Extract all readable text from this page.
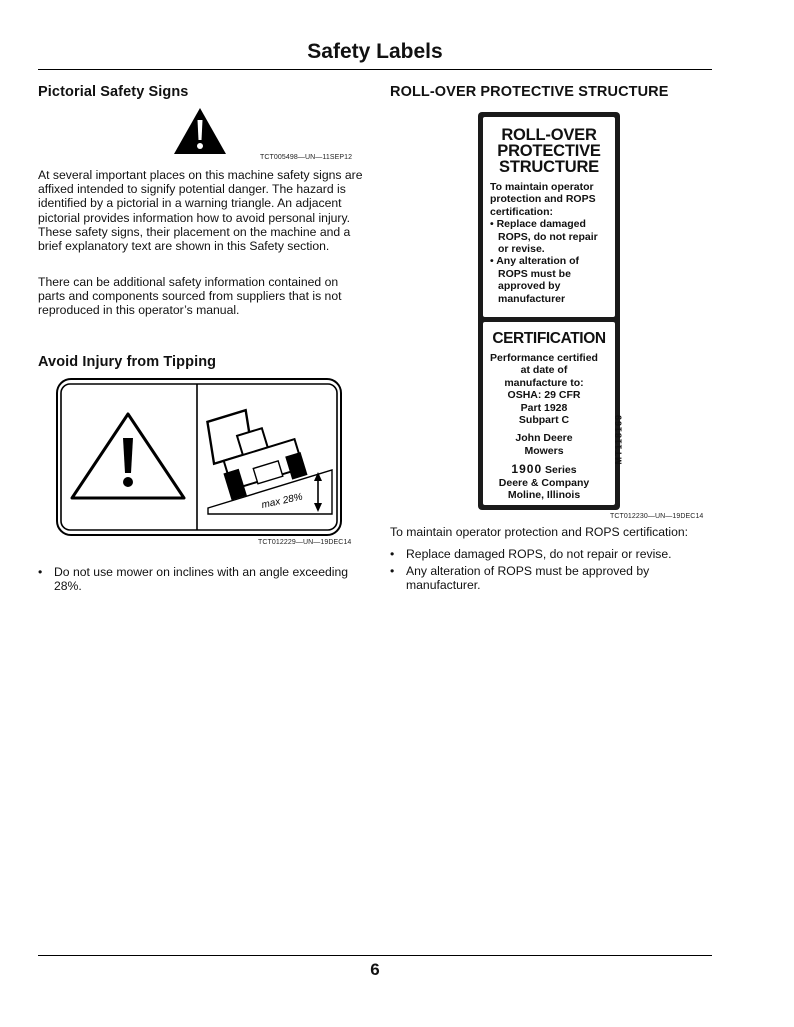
Safety Labels
Pictorial Safety Signs
TCT005498—UN—11SEP12

At several important places on this machine safety signs are affixed intended to signify potential danger. The hazard is identified by a pictorial in a warning triangle. An adjacent pictorial provides information how to avoid personal injury. These safety signs, their placement on the machine and a brief explanatory text are shown in this Safety section.

There can be additional safety information contained on parts and components sourced from suppliers that is not reproduced in this operator’s manual.

Avoid Injury from Tipping
max 28%
TCT012229—UN—19DEC14
• Do not use mower on inclines with an angle exceeding 28%.
ROLL-OVER PROTECTIVE STRUCTURE
ROLL-OVER
PROTECTIVE
STRUCTURE
To maintain operator
protection and ROPS
certification:
• Replace damaged
ROPS, do not repair
or revise.
• Any alteration of
ROPS must be
approved by
manufacturer
CERTIFICATION
Performance certified
at date of
manufacture to:
OSHA: 29 CFR
Part 1928
Subpart C
John Deere
Mowers
1900 Series
Deere & Company
Moline, Illinois
MT118169
TCT012230—UN—19DEC14

To maintain operator protection and ROPS certification:

• Replace damaged ROPS, do not repair or revise.
• Any alteration of ROPS must be approved by manufacturer.
6
